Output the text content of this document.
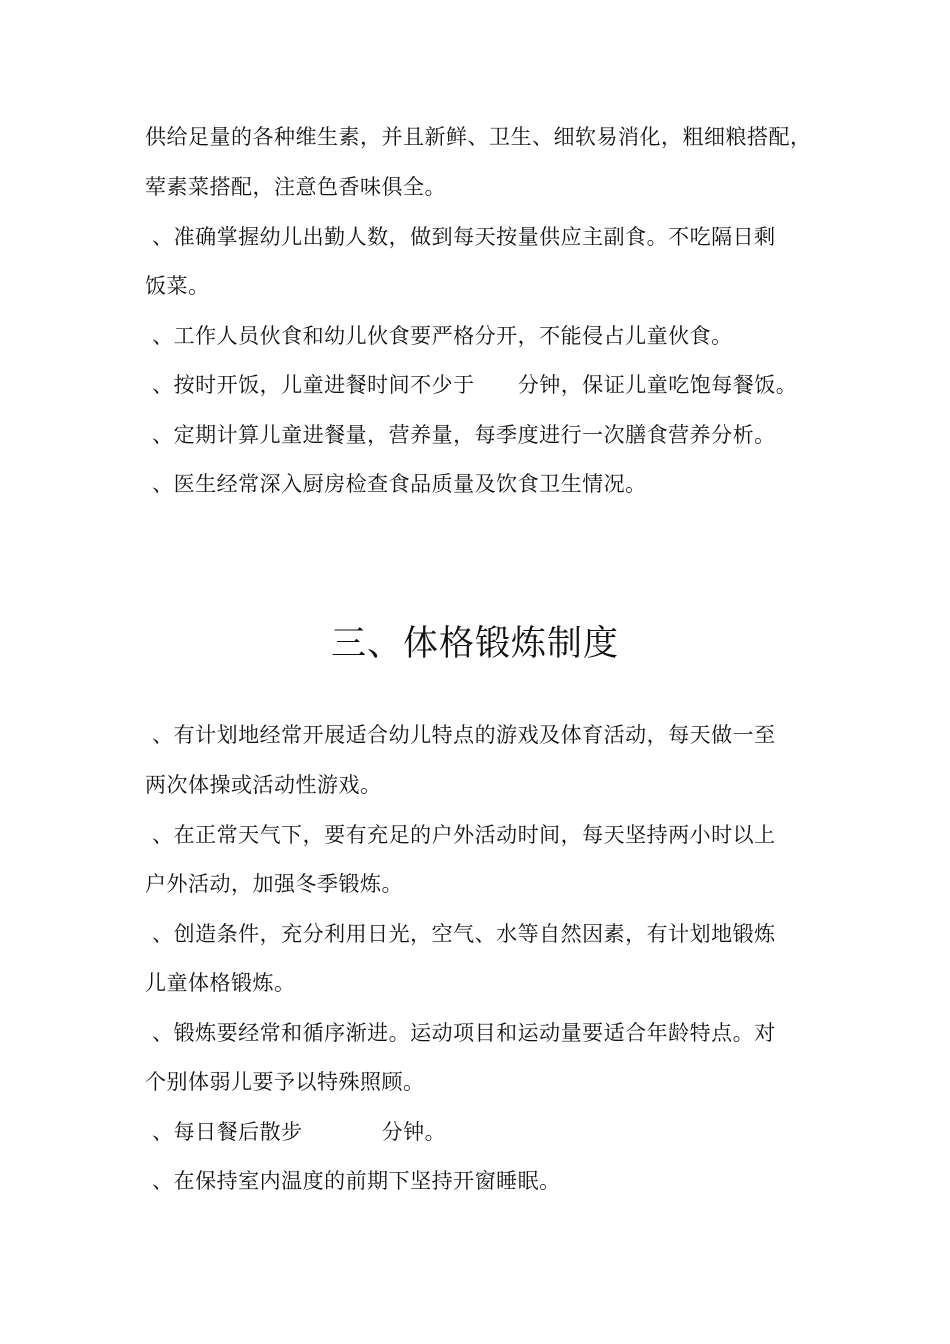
供给足量的各种维生素，并且新鲜、卫生、细软易消化，粗细粮搭配，
荤素菜搭配，注意色香味俱全。
、准确掌握幼儿出勤人数，做到每天按量供应主副食。不吃隔日剩
饭菜。
、工作人员伙食和幼儿伙食要严格分开，不能侵占儿童伙食。
、按时开饭，儿童进餐时间不少于      分钟，保证儿童吃饱每餐饭。
、定期计算儿童进餐量，营养量，每季度进行一次膳食营养分析。
、医生经常深入厨房检查食品质量及饮食卫生情况。
三、体格锻炼制度
、有计划地经常开展适合幼儿特点的游戏及体育活动，每天做一至
两次体操或活动性游戏。
、在正常天气下，要有充足的户外活动时间，每天坚持两小时以上
户外活动，加强冬季锻炼。
、创造条件，充分利用日光，空气、水等自然因素，有计划地锻炼
儿童体格锻炼。
、锻炼要经常和循序渐进。运动项目和运动量要适合年龄特点。对
个别体弱儿要予以特殊照顾。
、每日餐后散步           分钟。
、在保持室内温度的前期下坚持开窗睡眠。
